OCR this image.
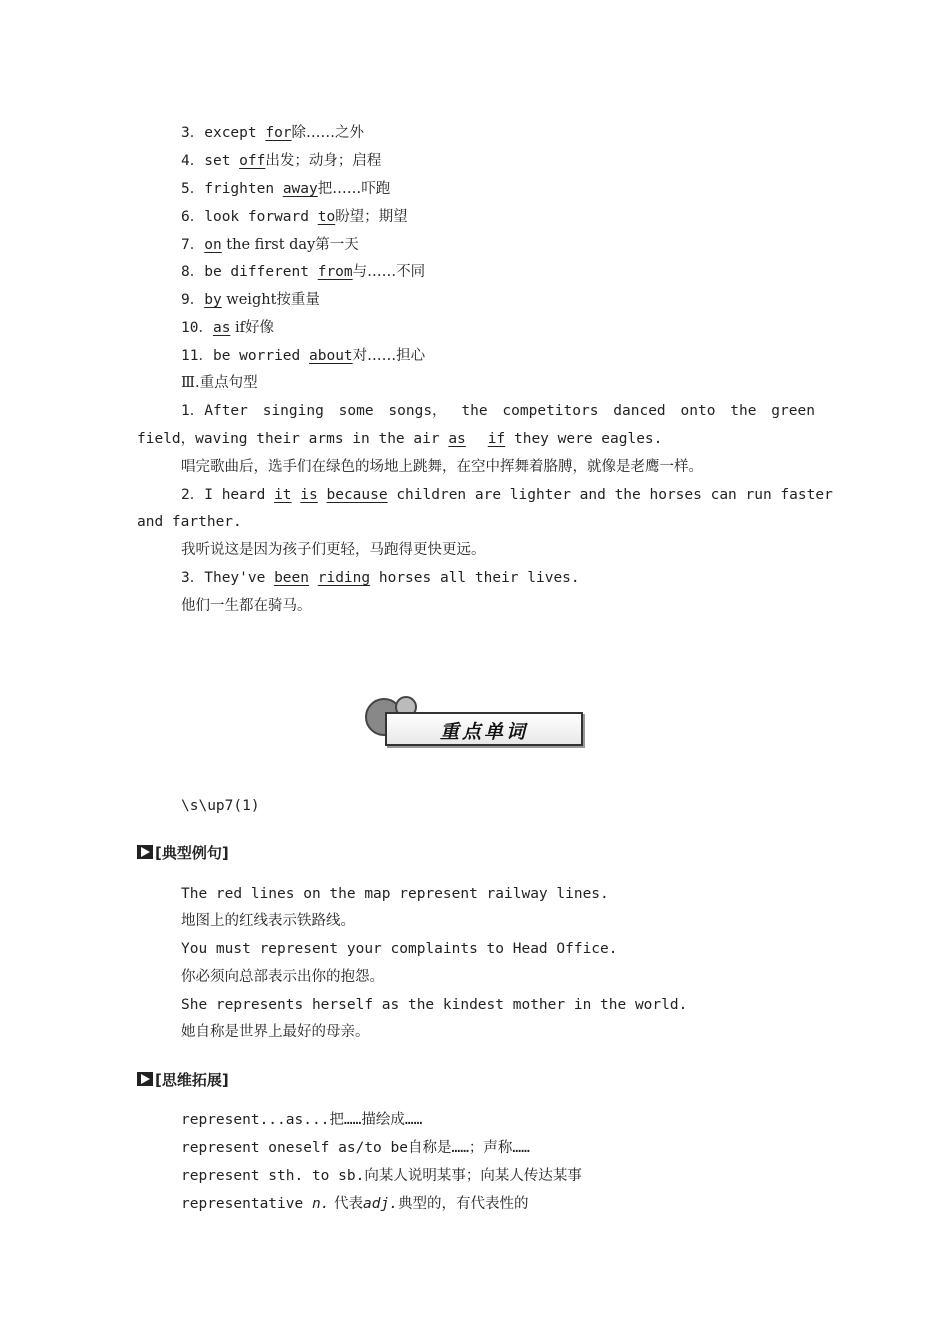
3．except for除……之外
4．set off出发；动身；启程
5．frighten away把……吓跑
6．look forward to盼望；期望
7．on the first day第一天
8．be different from与……不同
9．by weight按重量
10．as if好像
11．be worried about对……担心
Ⅲ.重点句型
1．After singing some songs， the competitors danced onto the green
field，waving their arms in the air as if they were eagles.
唱完歌曲后，选手们在绿色的场地上跳舞，在空中挥舞着胳膊，就像是老鹰一样。
2．I heard it is because children are lighter and the horses can run faster
and farther.
我听说这是因为孩子们更轻，马跑得更快更远。
3．They've been riding horses all their lives.
他们一生都在骑马。
重点单词
\s\up7(1)
[典型例句]
The red lines on the map represent railway lines.
地图上的红线表示铁路线。
You must represent your complaints to Head Office.
你必须向总部表示出你的抱怨。
She represents herself as the kindest mother in the world.
她自称是世界上最好的母亲。
[思维拓展]
represent...as...把……描绘成……
represent oneself as/to be自称是……；声称……
represent sth. to sb.向某人说明某事；向某人传达某事
representative n. 代表adj.典型的，有代表性的
